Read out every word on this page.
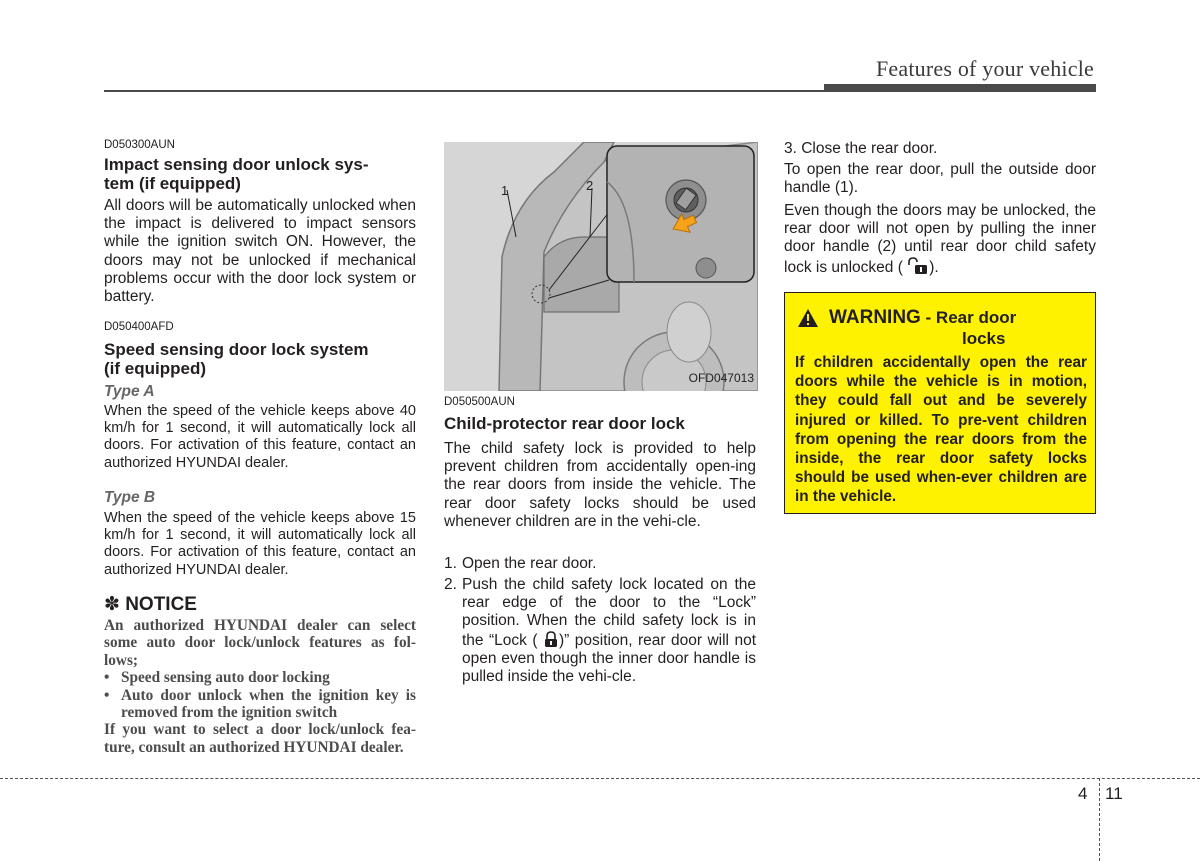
Features of your vehicle
D050300AUN
Impact sensing door unlock sys-
tem (if equipped)
All doors will be automatically unlocked when the impact is delivered to impact sensors while the ignition switch ON. However, the doors may not be unlocked if mechanical problems occur with the door lock system or battery.
D050400AFD
Speed sensing door lock system
(if equipped)
Type A
When the speed of the vehicle keeps above 40 km/h for 1 second, it will automatically lock all doors. For activation of this feature, contact an authorized HYUNDAI dealer.
Type B
When the speed of the vehicle keeps above 15 km/h for 1 second, it will automatically lock all doors. For activation of this feature, contact an authorized HYUNDAI dealer.
✽ NOTICE
An authorized HYUNDAI dealer can select some auto door lock/unlock features as fol-lows;
• Speed sensing auto door locking
• Auto door unlock when the ignition key is removed from the ignition switch
If you want to select a door lock/unlock fea-ture, consult an authorized HYUNDAI dealer.
1	2
OFD047013
D050500AUN
Child-protector rear door lock
The child safety lock is provided to help prevent children from accidentally open-ing the rear doors from inside the vehicle. The rear door safety locks should be used whenever children are in the vehi-cle.
1. Open the rear door.
2. Push the child safety lock located on the rear edge of the door to the “Lock” position. When the child safety lock is in the “Lock ( )” position, rear door will not open even though the inner door handle is pulled inside the vehi-cle.
3. Close the rear door.
To open the rear door, pull the outside door handle (1).
Even though the doors may be unlocked, the rear door will not open by pulling the inner door handle (2) until rear door child safety lock is unlocked ( ).
WARNING - Rear door
locks
If children accidentally open the rear doors while the vehicle is in motion, they could fall out and be severely injured or killed. To pre-vent children from opening the rear doors from the inside, the rear door safety locks should be used when-ever children are in the vehicle.
4 11
